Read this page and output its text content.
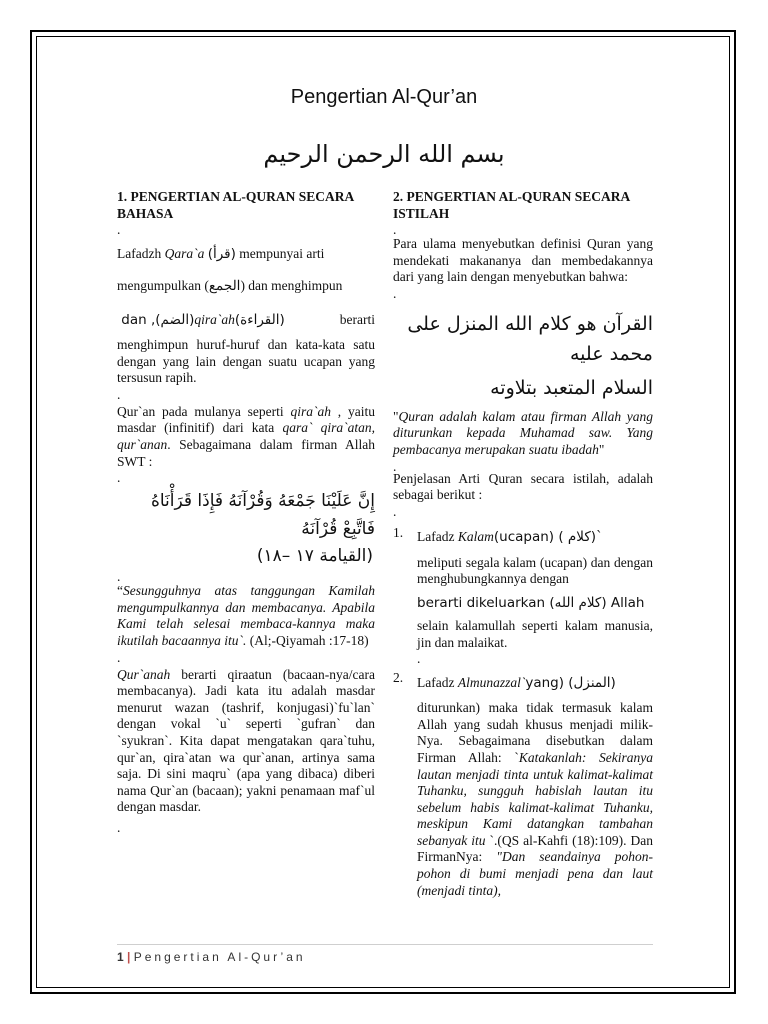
Pengertian Al-Qur’an
بسم الله الرحمن الرحيم
1. PENGERTIAN AL-QURAN SECARA BAHASA
.

Lafadzh Qara`a (قرأ) mempunyai arti

mengumpulkan (الجمع) dan menghimpun

(الضم), dan qira`ah (القراءة)	berarti

menghimpun huruf-huruf dan kata-kata satu dengan yang lain dengan suatu ucapan yang tersusun rapih.

.

Qur`an pada mulanya seperti qira`ah , yaitu masdar (infinitif) dari kata qara` qira`atan, qur`anan. Sebagaimana dalam firman Allah SWT :

.
إِنَّ عَلَيْنَا جَمْعَهُ وَقُرْآنَهُ فَإِذَا قَرَأْنَاهُ فَاتَّبِعْ قُرْآنَهُ
(القيامة ١٧ –١٨)
.

“Sesungguhnya atas tanggungan Kamilah mengumpulkannya dan membacanya. Apabila Kami telah selesai membaca-kannya maka ikutilah bacaannya itu`. (Al;-Qiyamah :17-18)

.

Qur`anah berarti qiraatun (bacaan-nya/cara membacanya). Jadi kata itu adalah masdar menurut wazan (tashrif, konjugasi)`fu`lan` dengan vokal `u` seperti `gufran` dan `syukran`. Kita dapat mengatakan qara`tuhu, qur`an, qira`atan wa qur`anan, artinya sama saja. Di sini maqru` (apa yang dibaca) diberi nama Qur`an (bacaan); yakni penamaan maf`ul dengan masdar.

.
2. PENGERTIAN AL-QURAN SECARA ISTILAH
.

Para ulama menyebutkan definisi Quran yang mendekati makananya dan membedakannya dari yang lain dengan menyebutkan bahwa:

.
القرآن هو كلام الله المنزل على محمد عليه
السلام المتعبد بتلاوته

"Quran adalah kalam atau firman Allah yang diturunkan kepada Muhamad saw. Yang pembacanya merupakan suatu ibadah"

.

Penjelasan Arti Quran secara istilah, adalah sebagai berikut :

.
1. Lafadz Kalam`(كلام ) (ucapan)

meliputi segala kalam (ucapan) dan dengan menghubungkannya dengan

Allah (كلام الله) berarti dikeluarkan

selain kalamullah seperti kalam manusia, jin dan malaikat.

.
2. Lafadz Almunazzal` (المنزل) (yang

diturunkan) maka tidak termasuk kalam Allah yang sudah khusus menjadi milik-Nya. Sebagaimana disebutkan dalam Firman Allah: `Katakanlah: Sekiranya lautan menjadi tinta untuk kalimat-kalimat Tuhanku, sungguh habislah lautan itu sebelum habis kalimat-kalimat Tuhanku, meskipun Kami datangkan tambahan sebanyak itu `.(QS al-Kahfi (18):109). Dan FirmanNya: "Dan seandainya pohon-pohon di bumi menjadi pena dan laut (menjadi tinta),

1 | Pengertian Al-Qur’an
